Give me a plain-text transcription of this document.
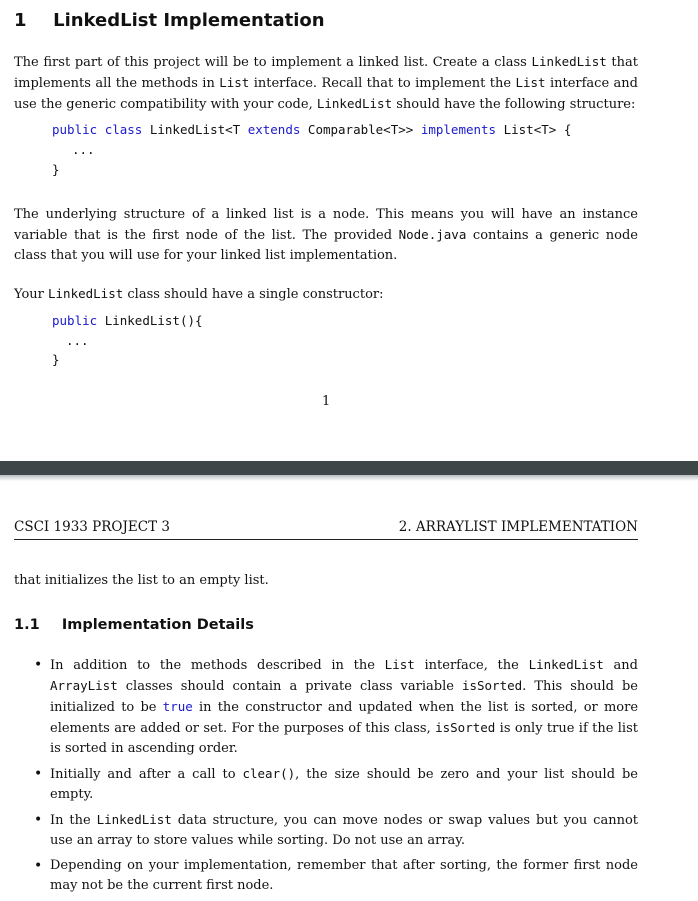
1 LinkedList Implementation
The first part of this project will be to implement a linked list. Create a class LinkedList that implements all the methods in List interface. Recall that to implement the List interface and use the generic compatibility with your code, LinkedList should have the following structure:
public class LinkedList<T extends Comparable<T>> implements List<T> {
...
}
The underlying structure of a linked list is a node. This means you will have an instance variable that is the first node of the list. The provided Node.java contains a generic node class that you will use for your linked list implementation.
Your LinkedList class should have a single constructor:
public LinkedList(){
...
}
1
CSCI 1933 PROJECT 3	2. ARRAYLIST IMPLEMENTATION
that initializes the list to an empty list.
1.1 Implementation Details
• In addition to the methods described in the List interface, the LinkedList and ArrayList classes should contain a private class variable isSorted. This should be initialized to be true in the constructor and updated when the list is sorted, or more elements are added or set. For the purposes of this class, isSorted is only true if the list is sorted in ascending order.
• Initially and after a call to clear(), the size should be zero and your list should be empty.
• In the LinkedList data structure, you can move nodes or swap values but you cannot use an array to store values while sorting. Do not use an array.
• Depending on your implementation, remember that after sorting, the former first node may not be the current first node.
